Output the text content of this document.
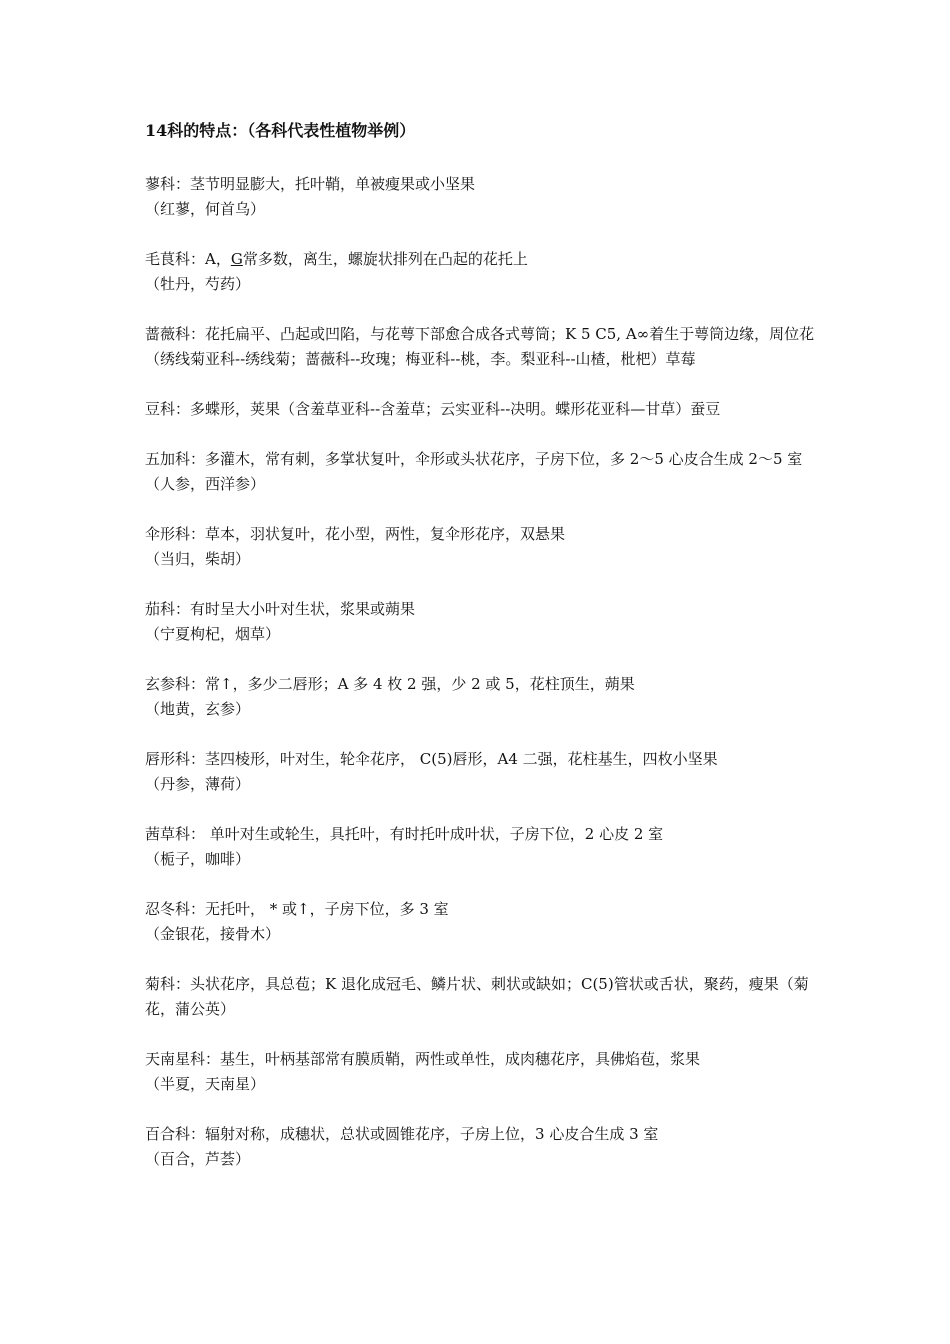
14科的特点：（各科代表性植物举例）
蓼科：茎节明显膨大，托叶鞘，单被瘦果或小坚果
（红蓼，何首乌）
毛茛科：A，G常多数，离生，螺旋状排列在凸起的花托上
（牡丹，芍药）
蔷薇科：花托扁平、凸起或凹陷，与花萼下部愈合成各式萼筒；K 5 C5, A∞着生于萼筒边缘，周位花
（绣线菊亚科--绣线菊；蔷薇科--玫瑰；梅亚科--桃，李。梨亚科--山楂，枇杷）草莓
豆科：多蝶形，荚果（含羞草亚科--含羞草；云实亚科--决明。蝶形花亚科—甘草）蚕豆
五加科：多灌木，常有刺，多掌状复叶，伞形或头状花序，子房下位，多 2～5 心皮合生成 2～5 室
（人参，西洋参）
伞形科：草本，羽状复叶，花小型，两性，复伞形花序，双悬果
（当归，柴胡）
茄科：有时呈大小叶对生状，浆果或蒴果
（宁夏枸杞，烟草）
玄参科：常↑，多少二唇形；A 多 4 枚 2 强，少 2 或 5，花柱顶生，蒴果
（地黄，玄参）
唇形科：茎四棱形，叶对生，轮伞花序， C(5)唇形，A4 二强，花柱基生，四枚小坚果
（丹参，薄荷）
茜草科： 单叶对生或轮生，具托叶，有时托叶成叶状，子房下位，2 心皮 2 室
（栀子，咖啡）
忍冬科：无托叶， * 或↑，子房下位，多 3 室
（金银花，接骨木）
菊科：头状花序，具总苞；K 退化成冠毛、鳞片状、刺状或缺如；C(5)管状或舌状，聚药，瘦果（菊花，蒲公英）
天南星科：基生，叶柄基部常有膜质鞘，两性或单性，成肉穗花序，具佛焰苞，浆果
（半夏，天南星）
百合科：辐射对称，成穗状，总状或圆锥花序，子房上位，3 心皮合生成 3 室
（百合，芦荟）
